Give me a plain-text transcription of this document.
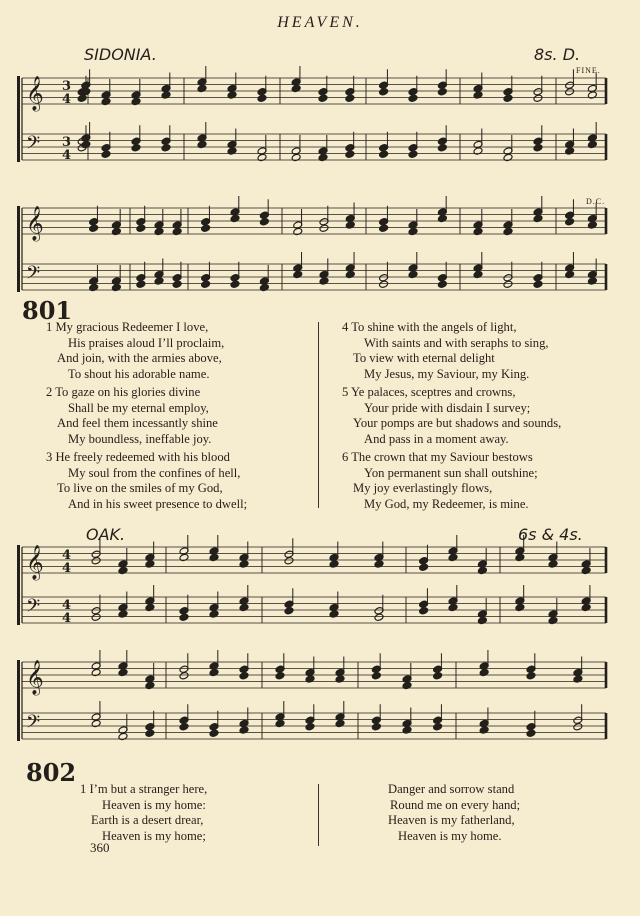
HEAVEN.
SIDONIA.	8s. D.
FINE.
D.C.
801
1 My gracious Redeemer I love,
His praises aloud I’ll proclaim,
And join, with the armies above,
To shout his adorable name.
2 To gaze on his glories divine
Shall be my eternal employ,
And feel them incessantly shine
My boundless, ineffable joy.
3 He freely redeemed with his blood
My soul from the confines of hell,
To live on the smiles of my God,
And in his sweet presence to dwell;
4 To shine with the angels of light,
With saints and with seraphs to sing,
To view with eternal delight
My Jesus, my Saviour, my King.
5 Ye palaces, sceptres and crowns,
Your pride with disdain I survey;
Your pomps are but shadows and sounds,
And pass in a moment away.
6 The crown that my Saviour bestows
Yon permanent sun shall outshine;
My joy everlastingly flows,
My God, my Redeemer, is mine.
OAK.	6s & 4s.
802
1 I’m but a stranger here,
Heaven is my home:
Earth is a desert drear,
Heaven is my home;
Danger and sorrow stand
Round me on every hand;
Heaven is my fatherland,
Heaven is my home.
360
𝄞
𝄢
3
4
3
4
𝄞
𝄢
𝄞
𝄢
4
4
4
4
𝄞
𝄢
